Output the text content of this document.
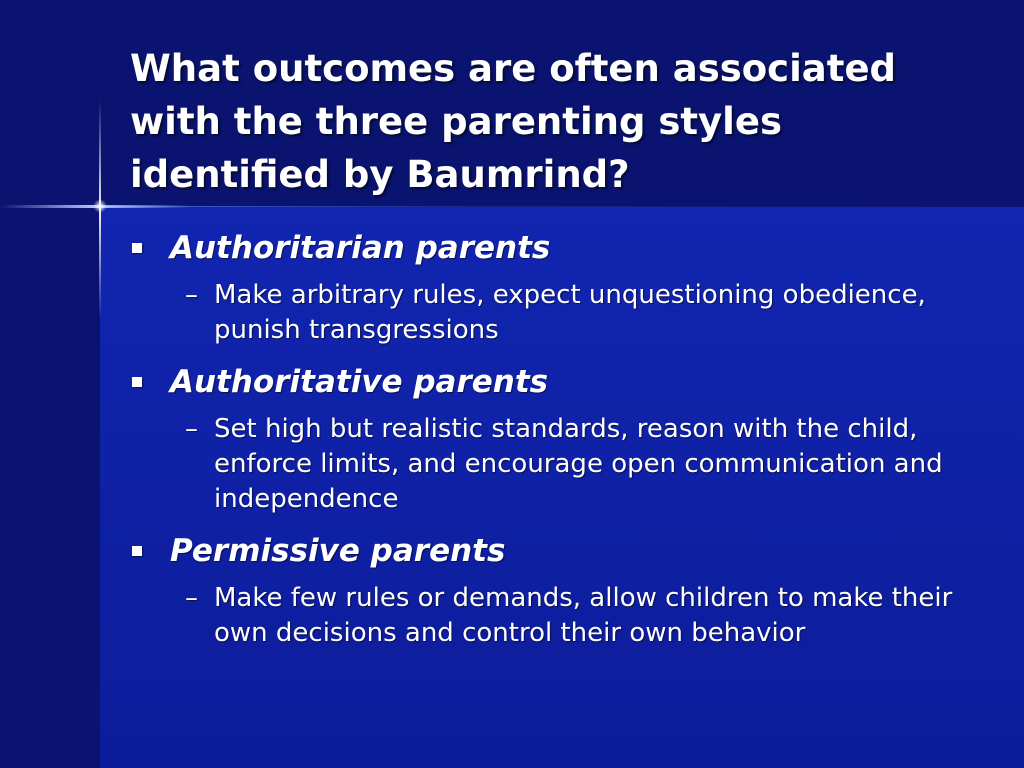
What outcomes are often associated with the three parenting styles identified by Baumrind?
Authoritarian parents
– Make arbitrary rules, expect unquestioning obedience, punish transgressions
Authoritative parents
– Set high but realistic standards, reason with the child, enforce limits, and encourage open communication and independence
Permissive parents
– Make few rules or demands, allow children to make their own decisions and control their own behavior
